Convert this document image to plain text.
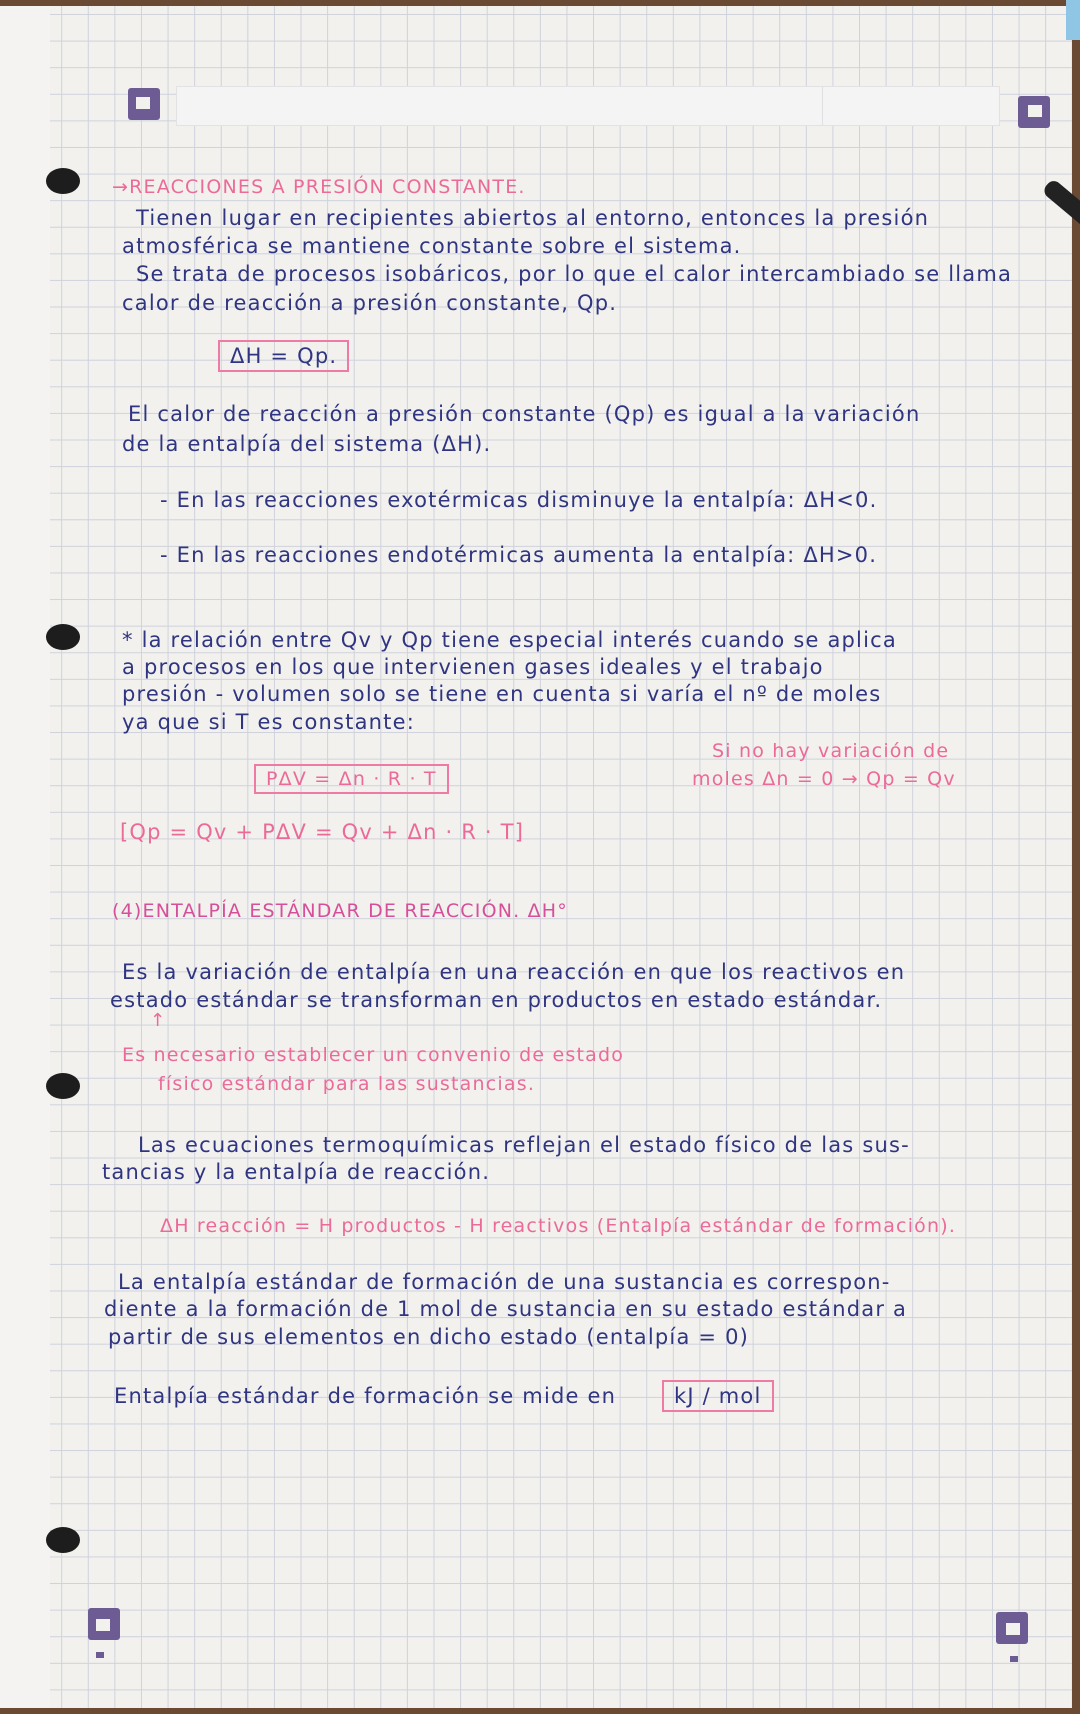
→REACCIONES A PRESIÓN CONSTANTE.
Tienen lugar en recipientes abiertos al entorno, entonces la presión
atmosférica se mantiene constante sobre el sistema.
Se trata de procesos isobáricos, por lo que el calor intercambiado se llama
calor de reacción a presión constante, Qp.
ΔH = Qp.
El calor de reacción a presión constante (Qp) es igual a la variación
de la entalpía del sistema (ΔH).
- En las reacciones exotérmicas disminuye la entalpía: ΔH<0.
- En las reacciones endotérmicas aumenta la entalpía: ΔH>0.
* la relación entre Qv y Qp tiene especial interés cuando se aplica
a procesos en los que intervienen gases ideales y el trabajo
presión - volumen solo se tiene en cuenta si varía el nº de moles
ya que si T es constante:
Si no hay variación de
moles Δn = 0 → Qp = Qv
PΔV = Δn · R · T
[Qp = Qv + PΔV = Qv + Δn · R · T]
(4)ENTALPÍA ESTÁNDAR DE REACCIÓN. ΔH°
Es la variación de entalpía en una reacción en que los reactivos en
estado estándar se transforman en productos en estado estándar.
↑
Es necesario establecer un convenio de estado
físico estándar para las sustancias.
Las ecuaciones termoquímicas reflejan el estado físico de las sus-
tancias y la entalpía de reacción.
ΔH reacción = H productos - H reactivos (Entalpía estándar de formación).
La entalpía estándar de formación de una sustancia es correspon-
diente a la formación de 1 mol de sustancia en su estado estándar a
partir de sus elementos en dicho estado (entalpía = 0)
Entalpía estándar de formación se mide en	kJ / mol
